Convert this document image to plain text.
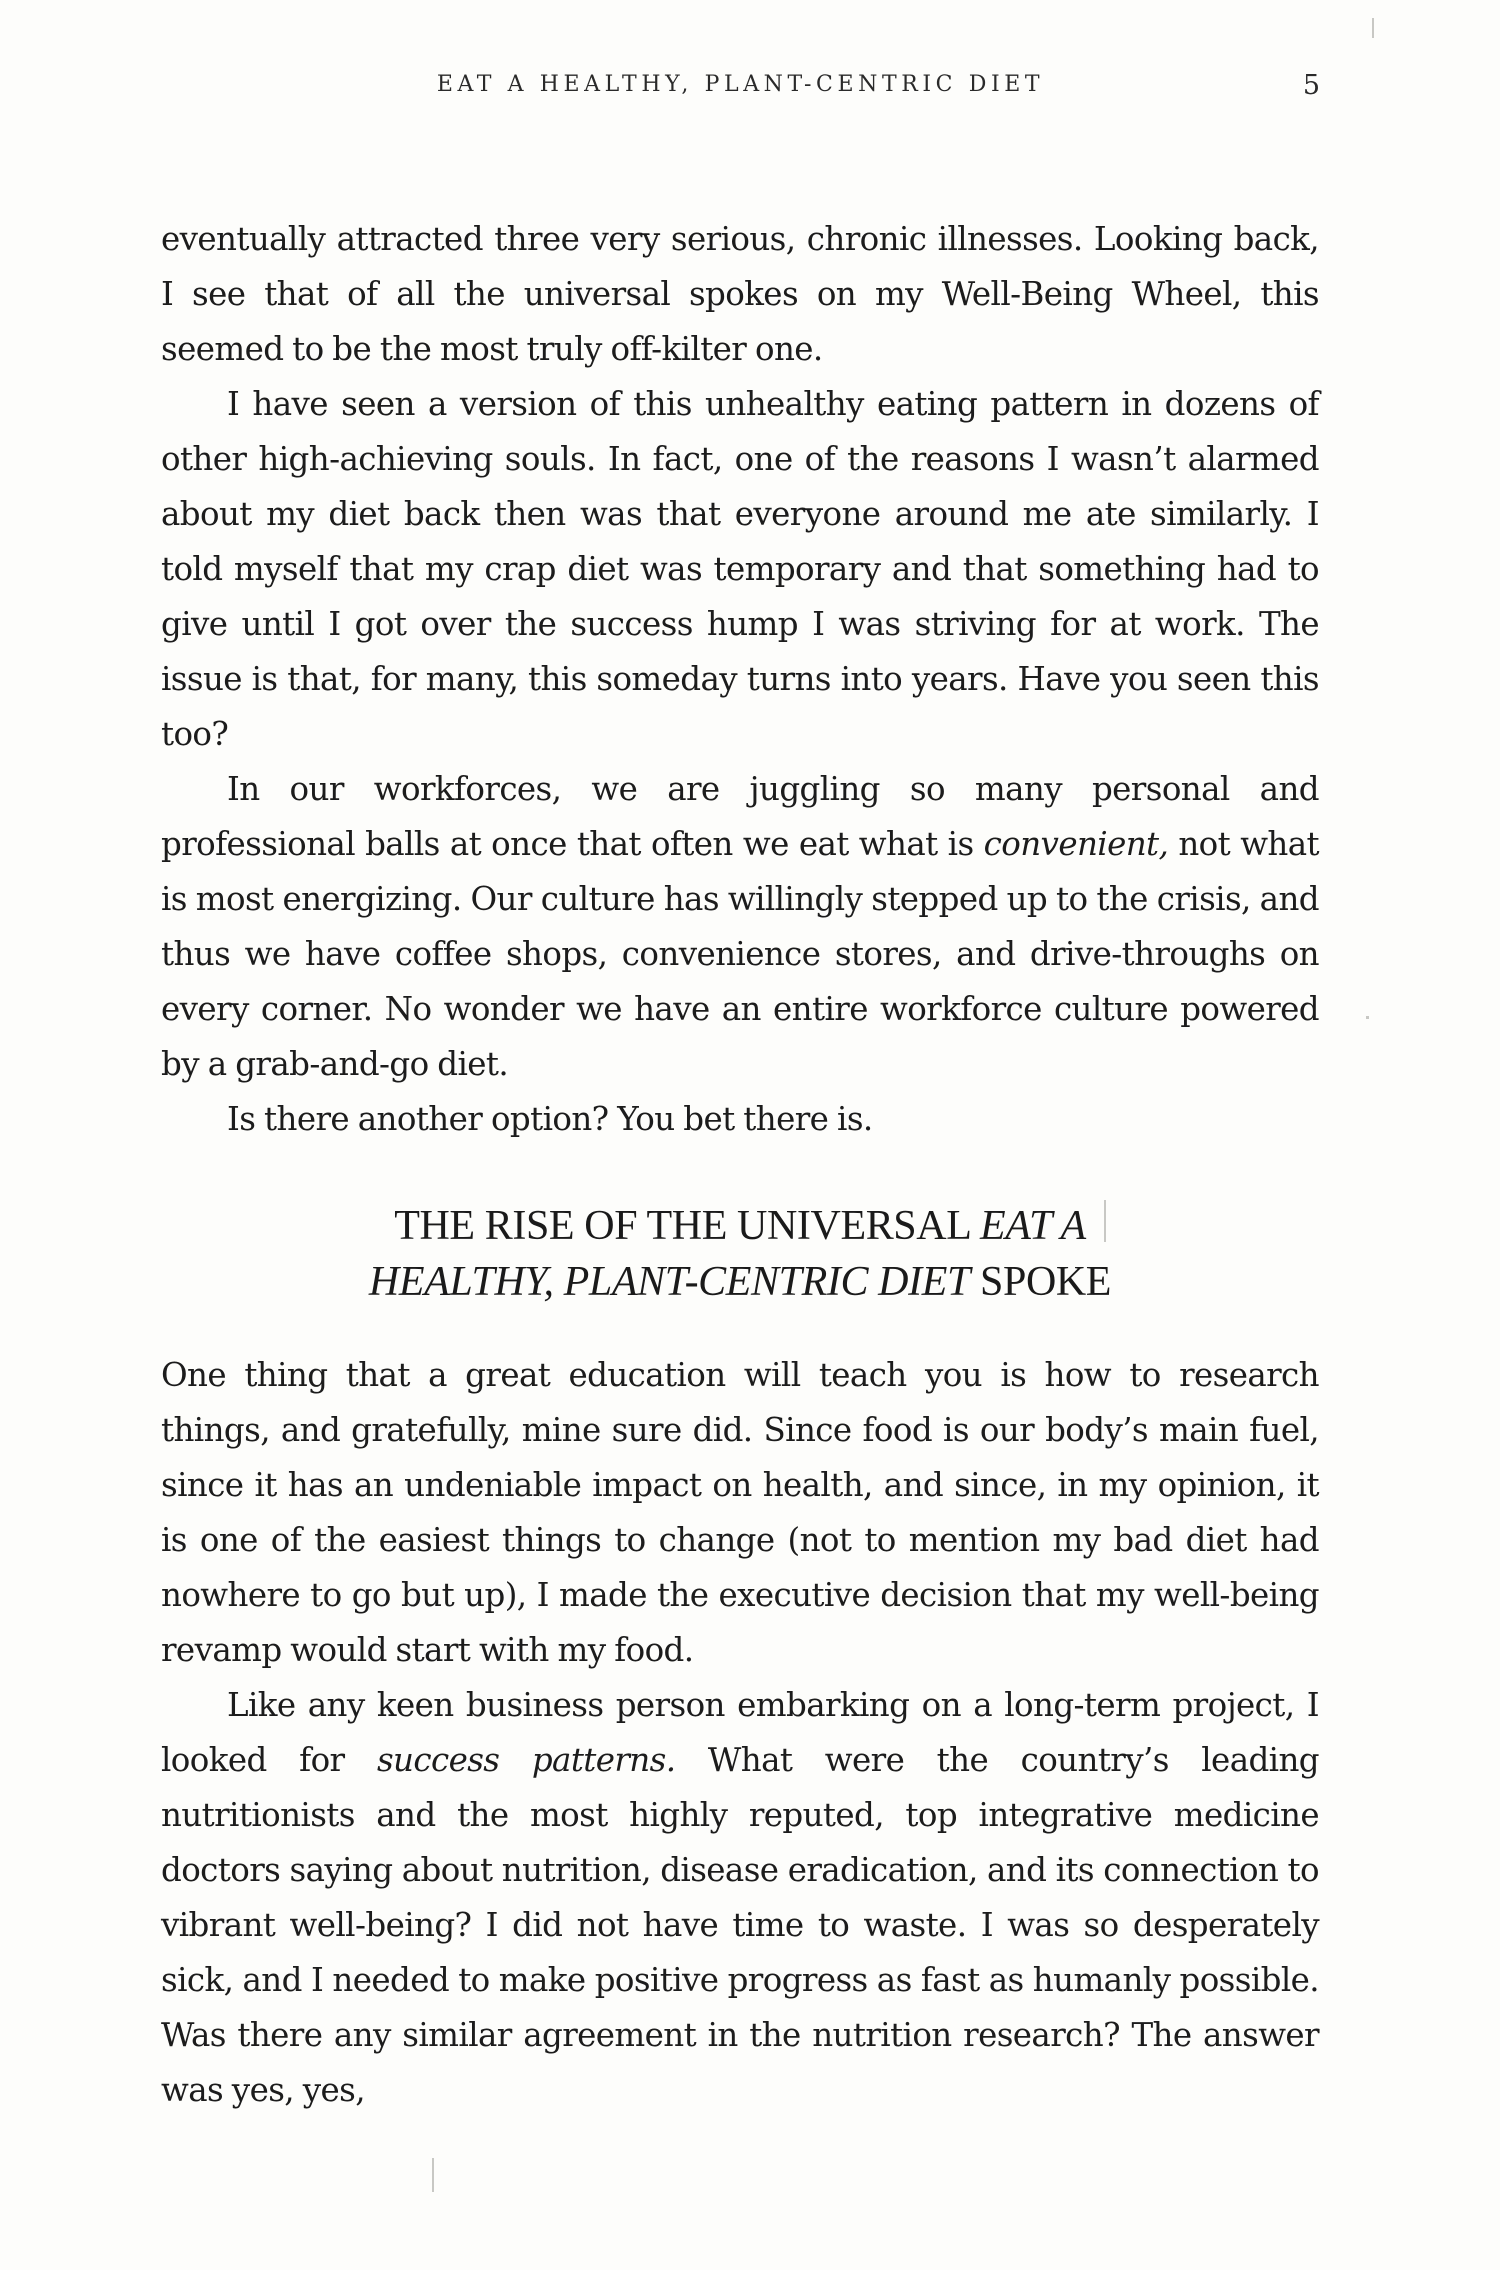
EAT A HEALTHY, PLANT-CENTRIC DIET	5

eventually attracted three very serious, chronic illnesses. Looking back, I see that of all the universal spokes on my Well-Being Wheel, this seemed to be the most truly off-kilter one.

I have seen a version of this unhealthy eating pattern in dozens of other high-achieving souls. In fact, one of the reasons I wasn’t alarmed about my diet back then was that everyone around me ate similarly. I told myself that my crap diet was temporary and that something had to give until I got over the success hump I was striving for at work. The issue is that, for many, this someday turns into years. Have you seen this too?

In our workforces, we are juggling so many personal and professional balls at once that often we eat what is convenient, not what is most energizing. Our culture has willingly stepped up to the crisis, and thus we have coffee shops, convenience stores, and drive-throughs on every corner. No wonder we have an entire workforce culture powered by a grab-and-go diet.

Is there another option? You bet there is.

THE RISE OF THE UNIVERSAL EAT A
HEALTHY, PLANT-CENTRIC DIET SPOKE

One thing that a great education will teach you is how to research things, and gratefully, mine sure did. Since food is our body’s main fuel, since it has an undeniable impact on health, and since, in my opinion, it is one of the easiest things to change (not to mention my bad diet had nowhere to go but up), I made the executive decision that my well-being revamp would start with my food.

Like any keen business person embarking on a long-term project, I looked for success patterns. What were the country’s leading nutritionists and the most highly reputed, top integrative medicine doctors saying about nutrition, disease eradication, and its connection to vibrant well-being? I did not have time to waste. I was so desperately sick, and I needed to make positive progress as fast as humanly possible. Was there any similar agreement in the nutrition research? The answer was yes, yes,
